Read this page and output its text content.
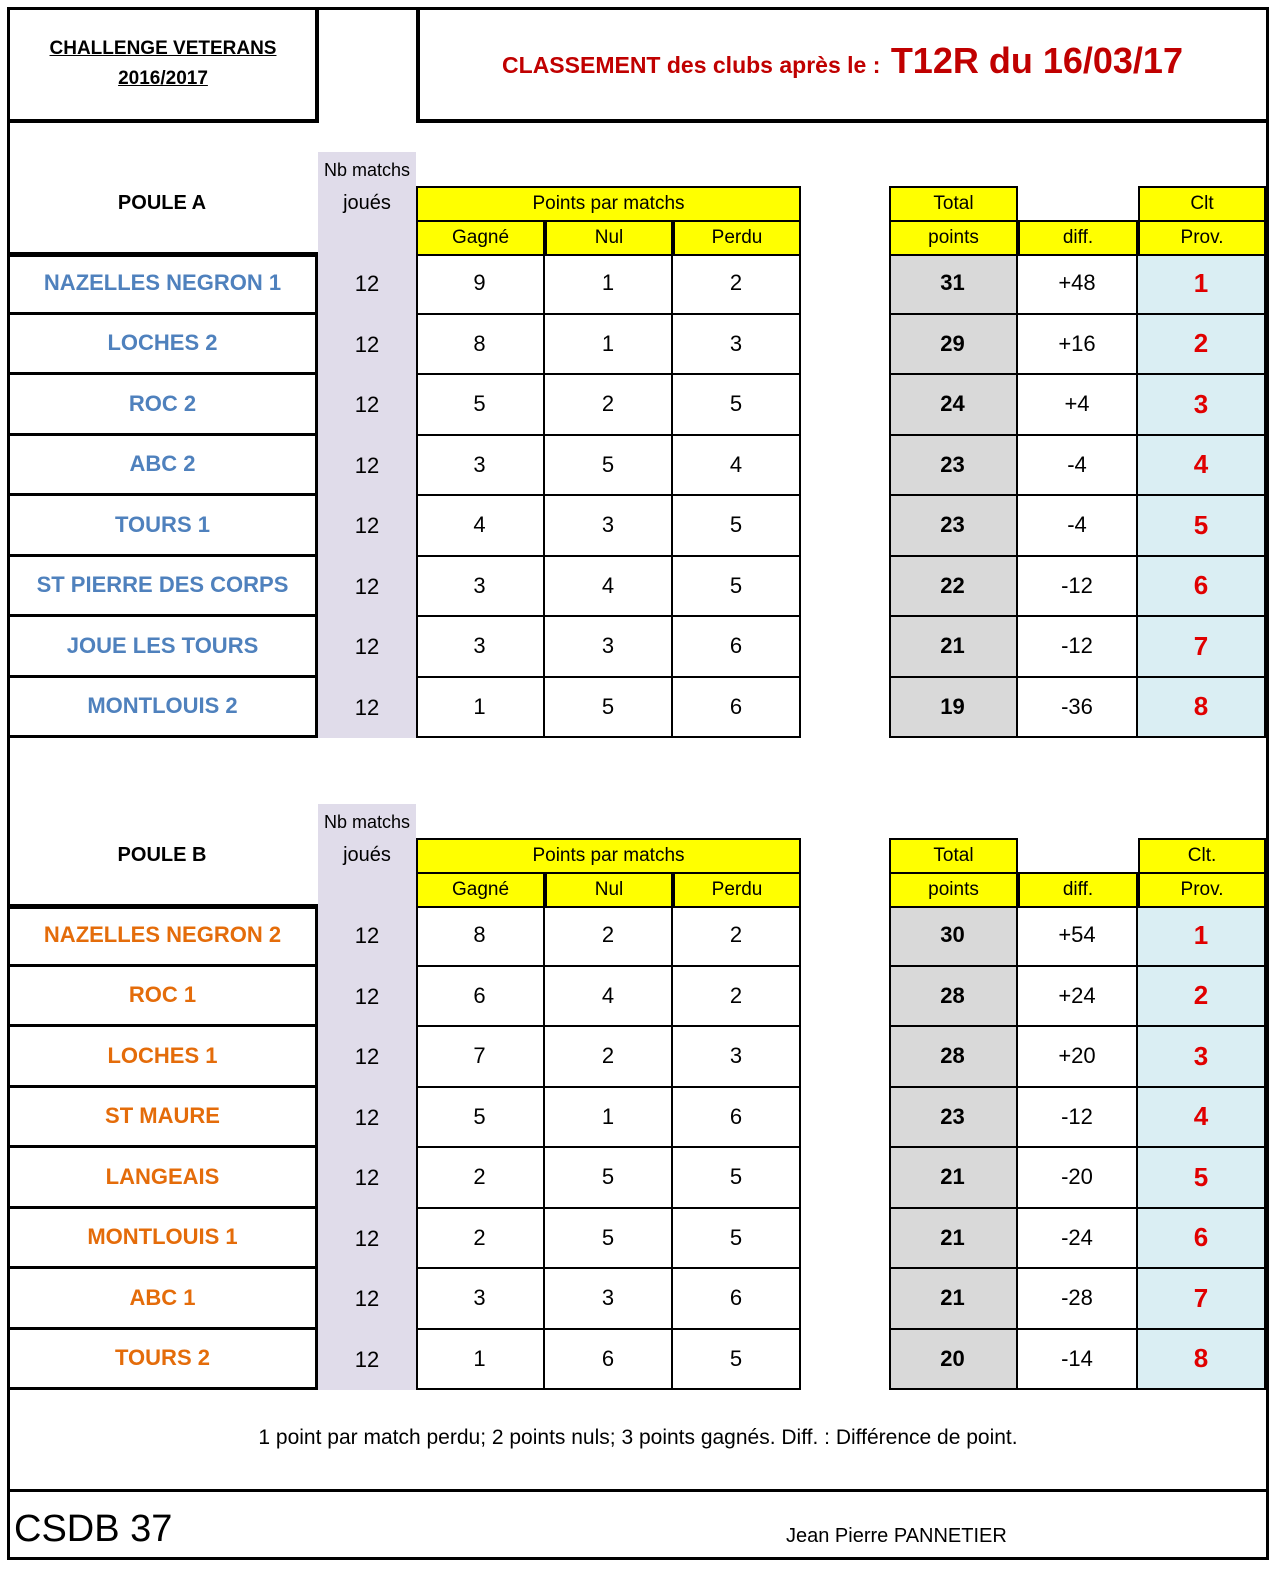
CHALLENGE VETERANS
2016/2017
CLASSEMENT des clubs après le : T12R du 16/03/17
Nb matchs
joués
POULE A	Points par matchs
Gagné	Nul	Perdu
Total
points	diff.
Clt
Prov.
NAZELLES NEGRON 1	12	9	1	2	31	+48	1
LOCHES 2	12	8	1	3	29	+16	2
ROC 2	12	5	2	5	24	+4	3
ABC 2	12	3	5	4	23	-4	4
TOURS 1	12	4	3	5	23	-4	5
ST PIERRE DES CORPS	12	3	4	5	22	-12	6
JOUE LES TOURS	12	3	3	6	21	-12	7
MONTLOUIS 2	12	1	5	6	19	-36	8
Nb matchs
joués
POULE B	Points par matchs
Gagné	Nul	Perdu
Total
points	diff.
Clt.
Prov.
NAZELLES NEGRON 2	12	8	2	2	30	+54	1
ROC 1	12	6	4	2	28	+24	2
LOCHES 1	12	7	2	3	28	+20	3
ST MAURE	12	5	1	6	23	-12	4
LANGEAIS	12	2	5	5	21	-20	5
MONTLOUIS 1	12	2	5	5	21	-24	6
ABC 1	12	3	3	6	21	-28	7
TOURS 2	12	1	6	5	20	-14	8
1 point par match perdu; 2 points nuls; 3 points gagnés. Diff. : Différence de point.
CSDB 37	Jean Pierre PANNETIER
